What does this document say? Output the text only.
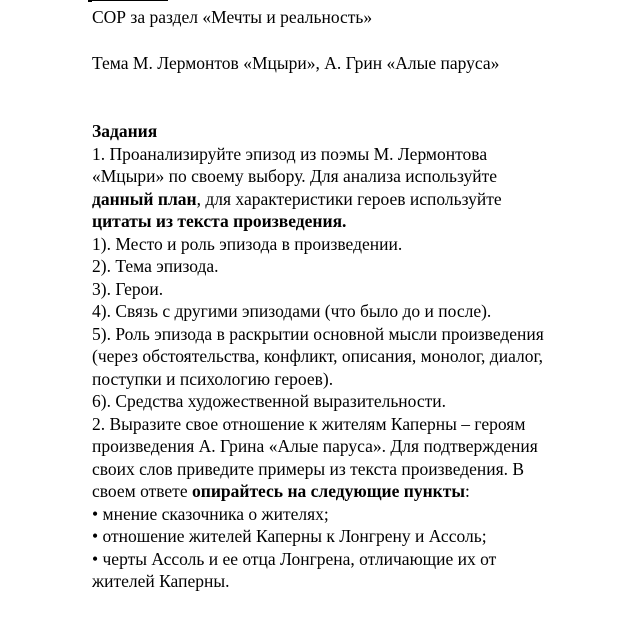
СОР за раздел «Мечты и реальность»
Тема М. Лермонтов «Мцыри», А. Грин «Алые паруса»
Задания
1. Проанализируйте эпизод из поэмы М. Лермонтова
«Мцыри» по своему выбору. Для анализа используйте
данный план, для характеристики героев используйте
цитаты из текста произведения.
1). Место и роль эпизода в произведении.
2). Тема эпизода.
3). Герои.
4). Связь с другими эпизодами (что было до и после).
5). Роль эпизода в раскрытии основной мысли произведения
(через обстоятельства, конфликт, описания, монолог, диалог,
поступки и психологию героев).
6). Средства художественной выразительности.
2. Выразите свое отношение к жителям Каперны – героям
произведения А. Грина «Алые паруса». Для подтверждения
своих слов приведите примеры из текста произведения. В
своем ответе опирайтесь на следующие пункты:
• мнение сказочника о жителях;
• отношение жителей Каперны к Лонгрену и Ассоль;
• черты Ассоль и ее отца Лонгрена, отличающие их от
жителей Каперны.
